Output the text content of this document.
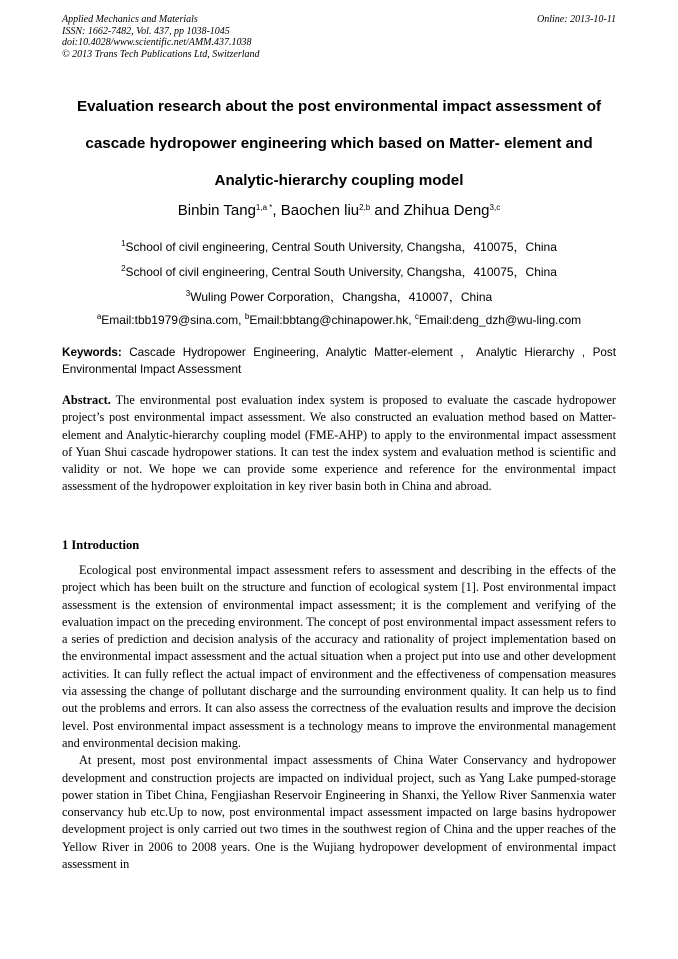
Applied Mechanics and Materials
ISSN: 1662-7482, Vol. 437, pp 1038-1045
doi:10.4028/www.scientific.net/AMM.437.1038
© 2013 Trans Tech Publications Ltd, Switzerland
Online: 2013-10-11
Evaluation research about the post environmental impact assessment of
cascade hydropower engineering which based on Matter- element and
Analytic-hierarchy coupling model
Binbin Tang$^{1,a *}$, Baochen liu$^{2,b}$ and Zhihua Deng$^{3,c}$
$^1$School of civil engineering, Central South University, Changsha，410075，China
$^2$School of civil engineering, Central South University, Changsha，410075，China
$^3$Wuling Power Corporation，Changsha，410007，China
$^a$Email:tbb1979@sina.com, $^b$Email:bbtang@chinapower.hk, $^c$Email:deng_dzh@wu-ling.com
Keywords: Cascade Hydropower Engineering, Analytic Matter-element ，Analytic Hierarchy , Post Environmental Impact Assessment
Abstract. The environmental post evaluation index system is proposed to evaluate the cascade hydropower project’s post environmental impact assessment. We also constructed an evaluation method based on Matter-element and Analytic-hierarchy coupling model (FME-AHP) to apply to the environmental impact assessment of Yuan Shui cascade hydropower stations. It can test the index system and evaluation method is scientific and validity or not. We hope we can provide some experience and reference for the environmental impact assessment of the hydropower exploitation in key river basin both in China and abroad.
1 Introduction

Ecological post environmental impact assessment refers to assessment and describing in the effects of the project which has been built on the structure and function of ecological system [1]. Post environmental impact assessment is the extension of environmental impact assessment; it is the complement and verifying of the evaluation impact on the preceding environment. The concept of post environmental impact assessment refers to a series of prediction and decision analysis of the accuracy and rationality of project implementation based on the environmental impact assessment and the actual situation when a project put into use and other development activities. It can fully reflect the actual impact of environment and the effectiveness of compensation measures via assessing the change of pollutant discharge and the surrounding environment quality. It can help us to find out the problems and errors. It can also assess the correctness of the evaluation results and improve the decision level. Post environmental impact assessment is a technology means to improve the environmental management and environmental decision making.

At present, most post environmental impact assessments of China Water Conservancy and hydropower development and construction projects are impacted on individual project, such as Yang Lake pumped-storage power station in Tibet China, Fengjiashan Reservoir Engineering in Shanxi, the Yellow River Sanmenxia water conservancy hub etc.Up to now, post environmental impact assessment impacted on large basins hydropower development project is only carried out two times in the southwest region of China and the upper reaches of the Yellow River in 2006 to 2008 years. One is the Wujiang hydropower development of environmental impact assessment in
